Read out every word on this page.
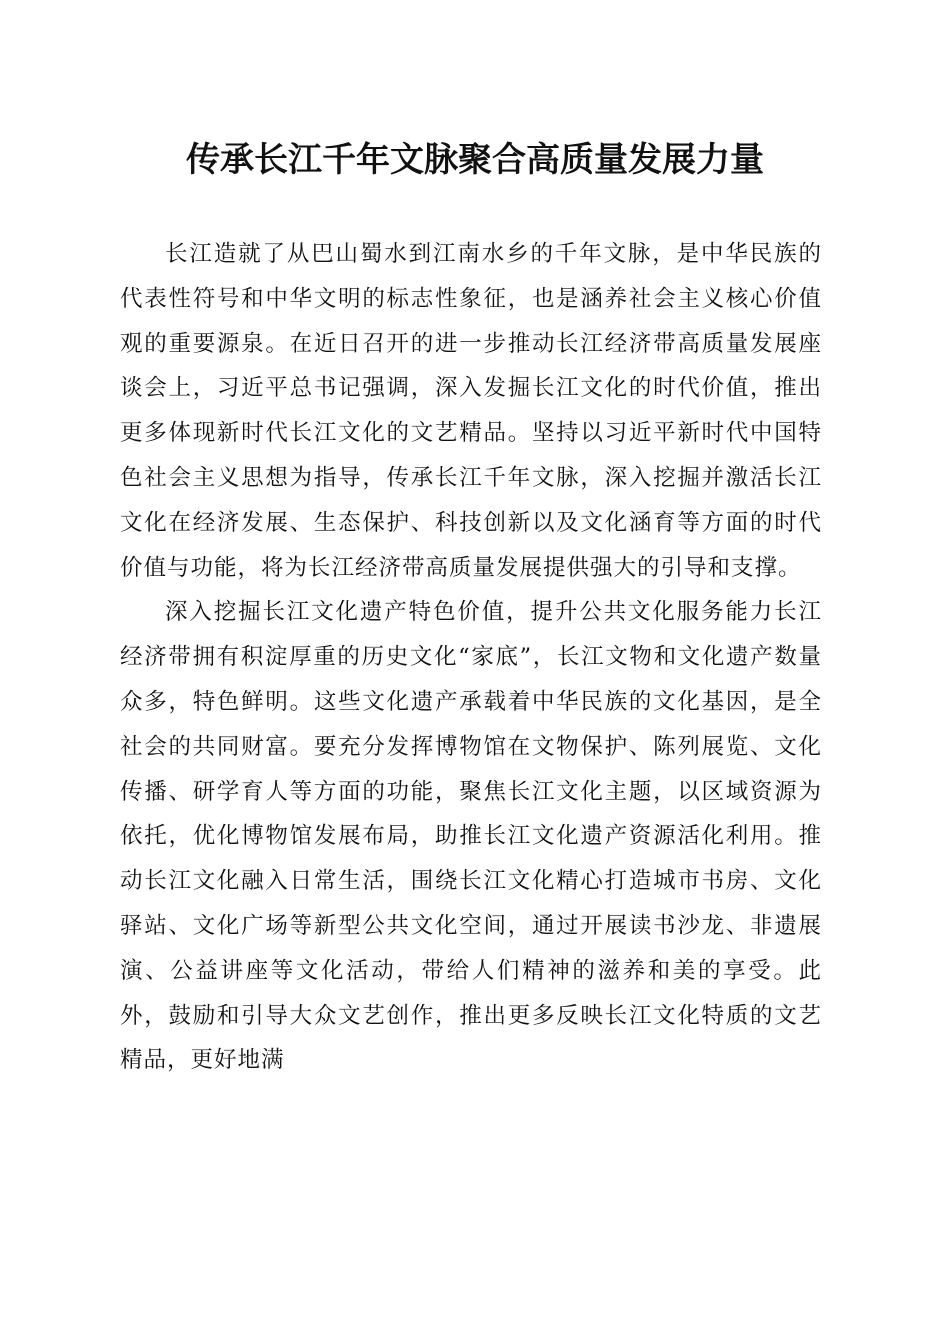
传承长江千年文脉聚合高质量发展力量

长江造就了从巴山蜀水到江南水乡的千年文脉，是中华民族的代表性符号和中华文明的标志性象征，也是涵养社会主义核心价值观的重要源泉。在近日召开的进一步推动长江经济带高质量发展座谈会上，习近平总书记强调，深入发掘长江文化的时代价值，推出更多体现新时代长江文化的文艺精品。坚持以习近平新时代中国特色社会主义思想为指导，传承长江千年文脉，深入挖掘并激活长江文化在经济发展、生态保护、科技创新以及文化涵育等方面的时代价值与功能，将为长江经济带高质量发展提供强大的引导和支撑。

深入挖掘长江文化遗产特色价值，提升公共文化服务能力长江经济带拥有积淀厚重的历史文化“家底”，长江文物和文化遗产数量众多，特色鲜明。这些文化遗产承载着中华民族的文化基因，是全社会的共同财富。要充分发挥博物馆在文物保护、陈列展览、文化传播、研学育人等方面的功能，聚焦长江文化主题，以区域资源为依托，优化博物馆发展布局，助推长江文化遗产资源活化利用。推动长江文化融入日常生活，围绕长江文化精心打造城市书房、文化驿站、文化广场等新型公共文化空间，通过开展读书沙龙、非遗展演、公益讲座等文化活动，带给人们精神的滋养和美的享受。此外，鼓励和引导大众文艺创作，推出更多反映长江文化特质的文艺精品，更好地满
